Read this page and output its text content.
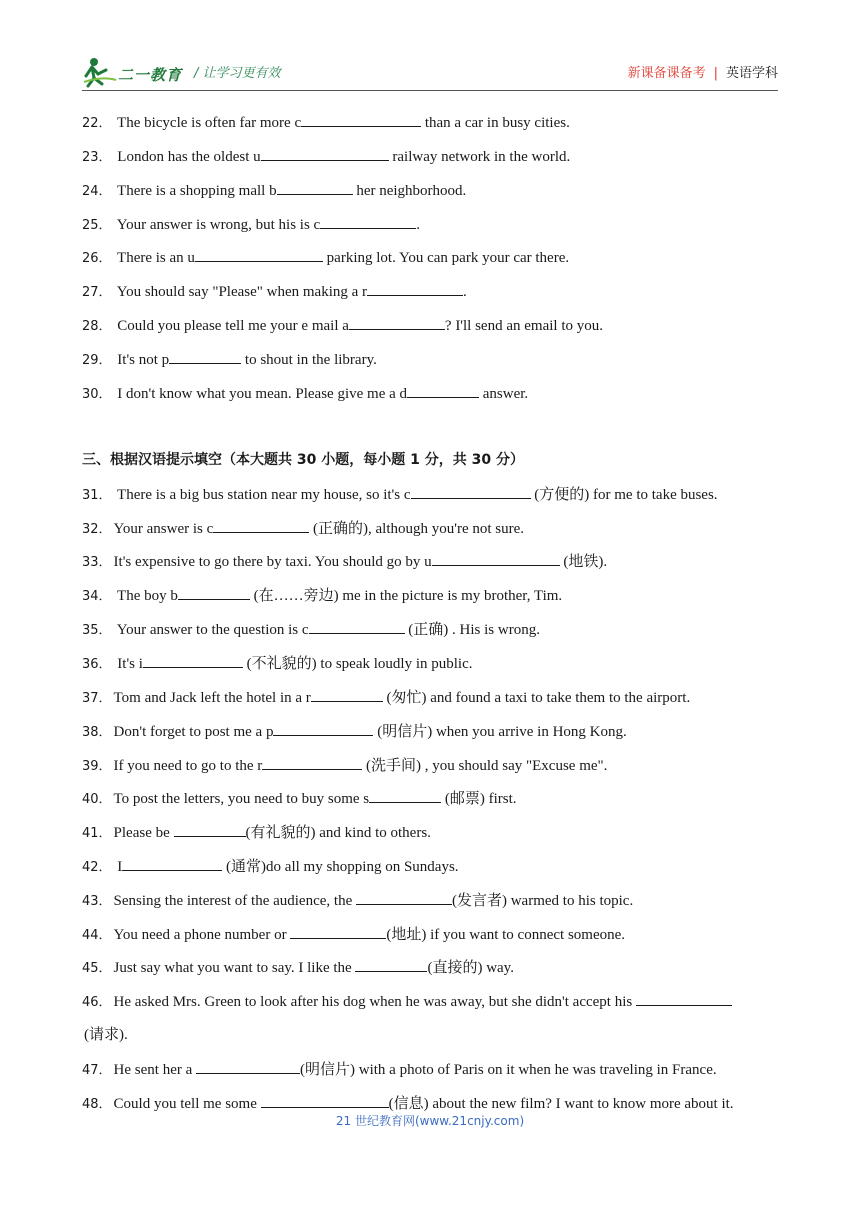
二一教育 / 让学习更有效	新课备课备考 | 英语学科
22． The bicycle is often far more c	than a car in busy cities.
23． London has the oldest u	railway network in the world.
24． There is a shopping mall b	her neighborhood.
25． Your answer is wrong, but his is c	.
26． There is an u	parking lot. You can park your car there.
27． You should say "Please" when making a r	.
28． Could you please tell me your e mail a	? I'll send an email to you.
29． It's not p	to shout in the library.
30． I don't know what you mean. Please give me a d	answer.
三、根据汉语提示填空（本大题共 30 小题，每小题 1 分，共 30 分）
31． There is a big bus station near my house, so it's c	(方便的) for me to take buses.
32． Your answer is c	(正确的), although you're not sure.
33． It's expensive to go there by taxi. You should go by u	(地铁).
34． The boy b	(在……旁边) me in the picture is my brother, Tim.
35． Your answer to the question is c	(正确) . His is wrong.
36． It's i	(不礼貌的) to speak loudly in public.
37． Tom and Jack left the hotel in a r	(匆忙) and found a taxi to take them to the airport.
38． Don't forget to post me a p	(明信片) when you arrive in Hong Kong.
39． If you need to go to the r	(洗手间) , you should say "Excuse me".
40． To post the letters, you need to buy some s	(邮票) first.
41． Please be	(有礼貌的) and kind to others.
42． I	(通常)do all my shopping on Sundays.
43． Sensing the interest of the audience, the	(发言者) warmed to his topic.
44． You need a phone number or	(地址) if you want to connect someone.
45． Just say what you want to say. I like the	(直接的) way.
46． He asked Mrs. Green to look after his dog when he was away, but she didn't accept his
(请求).
47． He sent her a	(明信片) with a photo of Paris on it when he was traveling in France.
48． Could you tell me some	(信息) about the new film? I want to know more about it.
21 世纪教育网(www.21cnjy.com)
